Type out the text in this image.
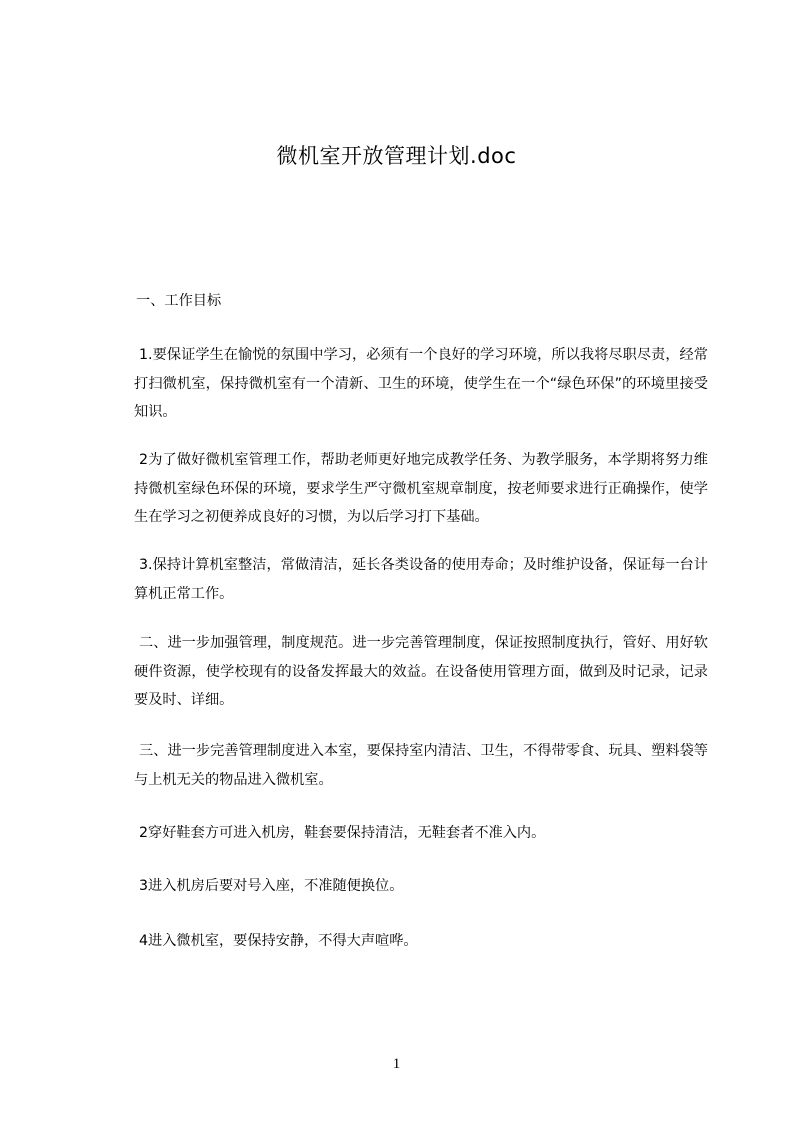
微机室开放管理计划.doc

一、工作目标

1.要保证学生在愉悦的氛围中学习，必须有一个良好的学习环境，所以我将尽职尽责，经常打扫微机室，保持微机室有一个清新、卫生的环境，使学生在一个“绿色环保”的环境里接受知识。

2为了做好微机室管理工作，帮助老师更好地完成教学任务、为教学服务，本学期将努力维持微机室绿色环保的环境，要求学生严守微机室规章制度，按老师要求进行正确操作，使学生在学习之初便养成良好的习惯，为以后学习打下基础。

3.保持计算机室整洁，常做清洁，延长各类设备的使用寿命；及时维护设备，保证每一台计算机正常工作。

二、进一步加强管理，制度规范。进一步完善管理制度，保证按照制度执行，管好、用好软硬件资源，使学校现有的设备发挥最大的效益。在设备使用管理方面，做到及时记录，记录要及时、详细。

三、进一步完善管理制度进入本室，要保持室内清洁、卫生，不得带零食、玩具、塑料袋等与上机无关的物品进入微机室。

2穿好鞋套方可进入机房，鞋套要保持清洁，无鞋套者不准入内。

3进入机房后要对号入座，不准随便换位。

4进入微机室，要保持安静，不得大声喧哗。

1
